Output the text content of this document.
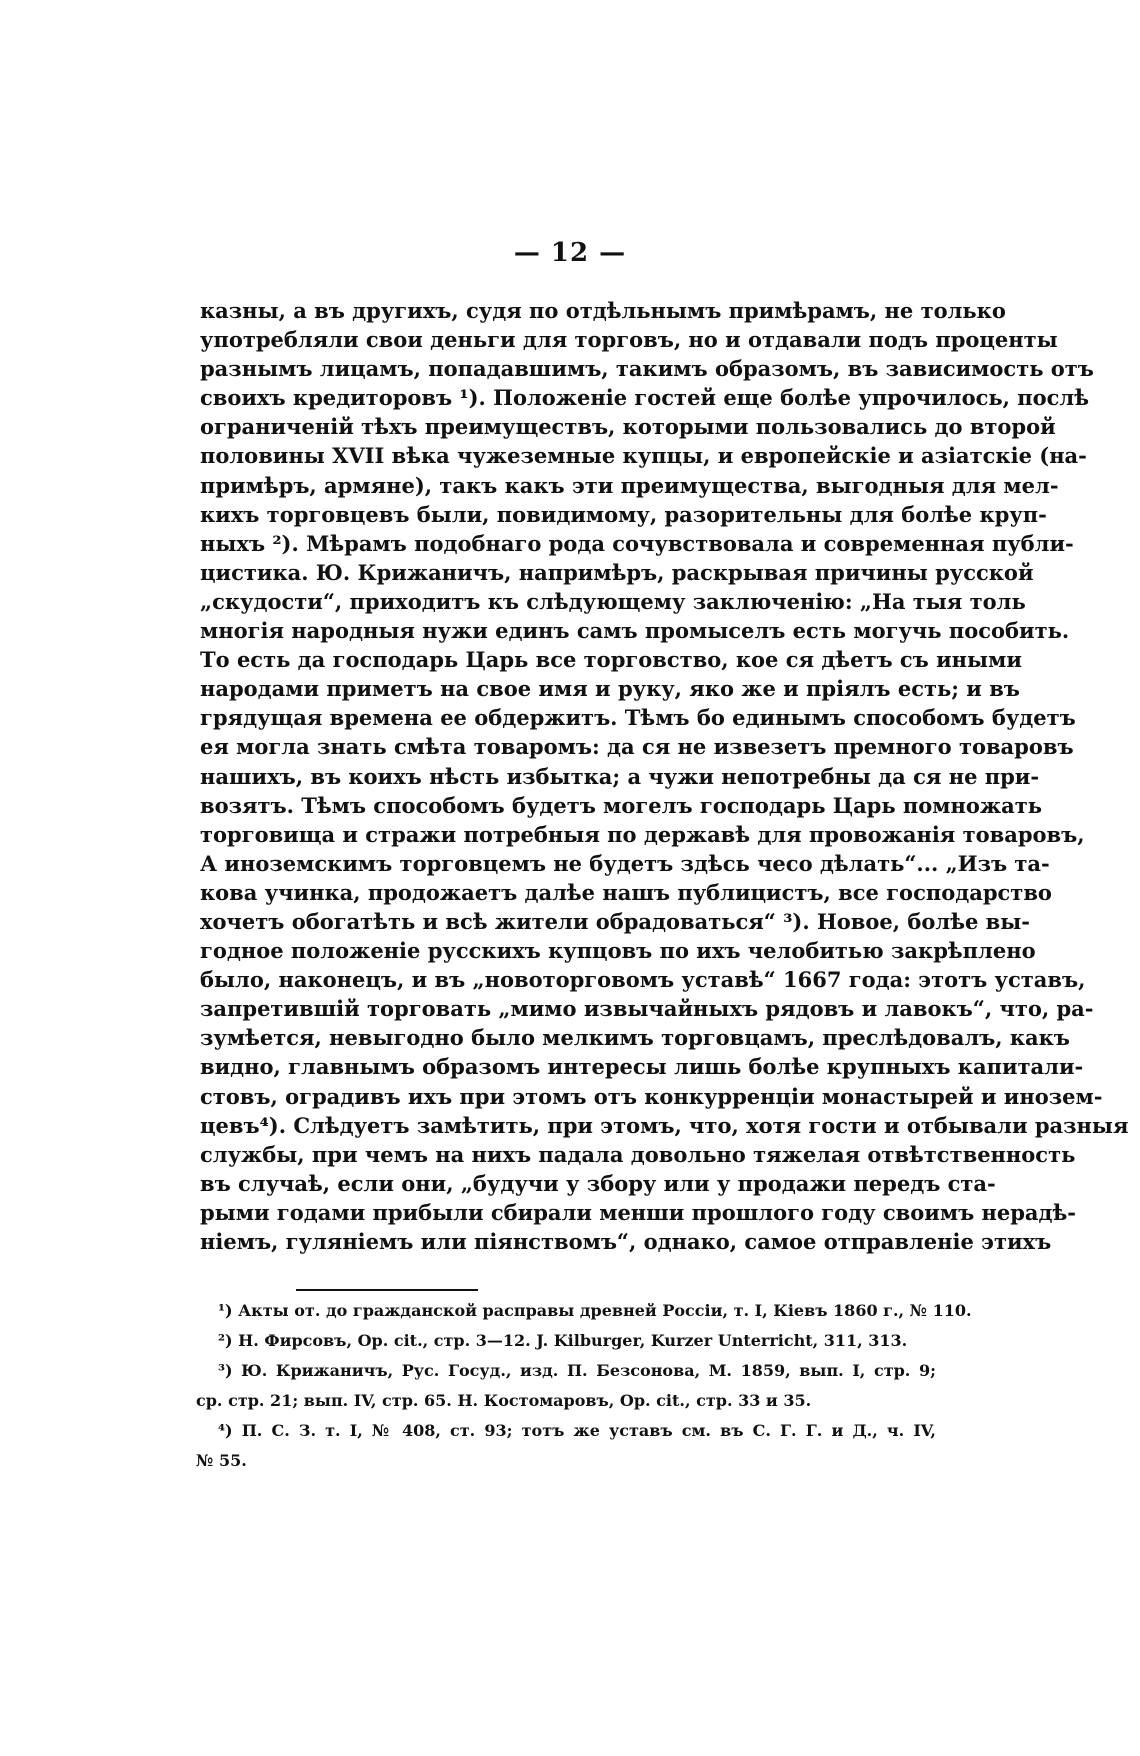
— 12 —
казны, а въ другихъ, судя по отдѣльнымъ примѣрамъ, не только
употребляли свои деньги для торговъ, но и отдавали подъ проценты
разнымъ лицамъ, попадавшимъ, такимъ образомъ, въ зависимость отъ
своихъ кредиторовъ ¹). Положеніе гостей еще болѣе упрочилось, послѣ
ограниченій тѣхъ преимуществъ, которыми пользовались до второй
половины XVII вѣка чужеземные купцы, и европейскіе и азіатскіе (на-
примѣръ, армяне), такъ какъ эти преимущества, выгодныя для мел-
кихъ торговцевъ были, повидимому, разорительны для болѣе круп-
ныхъ ²). Мѣрамъ подобнаго рода сочувствовала и современная публи-
цистика. Ю. Крижаничъ, напримѣръ, раскрывая причины русской
„скудости“, приходитъ къ слѣдующему заключенію: „На тыя толь
многія народныя нужи единъ самъ промыселъ есть могучь пособить.
То есть да господарь Царь все торговство, кое ся дѣетъ съ иными
народами приметъ на свое имя и руку, яко же и прiялъ есть; и въ
грядущая времена ее обдержитъ. Тѣмъ бо единымъ способомъ будетъ
ея могла знать смѣта товаромъ: да ся не извезетъ премного товаровъ
нашихъ, въ коихъ нѣсть избытка; а чужи непотребны да ся не при-
возятъ. Тѣмъ способомъ будетъ могелъ господарь Царь помножать
торговища и стражи потребныя по державѣ для провожанія товаровъ,
А иноземскимъ торговцемъ не будетъ здѣсь чесо дѣлать“... „Изъ та-
кова учинка, продожаетъ далѣе нашъ публицистъ, все господарство
хочетъ обогатѣть и всѣ жители обрадоваться“ ³). Новое, болѣе вы-
годное положеніе русскихъ купцовъ по ихъ челобитью закрѣплено
было, наконецъ, и въ „новоторговомъ уставѣ“ 1667 года: этотъ уставъ,
запретившій торговать „мимо извычайныхъ рядовъ и лавокъ“, что, ра-
зумѣется, невыгодно было мелкимъ торговцамъ, преслѣдовалъ, какъ
видно, главнымъ образомъ интересы лишь болѣе крупныхъ капитали-
стовъ, оградивъ ихъ при этомъ отъ конкурренціи монастырей и инозем-
цевъ⁴). Слѣдуетъ замѣтить, при этомъ, что, хотя гости и отбывали разныя
службы, при чемъ на нихъ падала довольно тяжелая отвѣтственность
въ случаѣ, если они, „будучи у збору или у продажи передъ ста-
рыми годами прибыли сбирали менши прошлого году своимъ нерадѣ-
ніемъ, гуляніемъ или піянствомъ“, однако, самое отправленіе этихъ
¹) Акты от. до гражданской расправы древней Россіи, т. I, Кіевъ 1860 г., № 110.
²) Н. Фирсовъ, Op. cit., стр. 3—12. J. Kilburger, Kurzer Unterricht, 311, 313.
³) Ю. Крижаничъ, Рус. Госуд., изд. П. Безсонова, М. 1859, вып. I, стр. 9;
ср. стр. 21; вып. IV, стр. 65. Н. Костомаровъ, Op. cit., стр. 33 и 35.
⁴) П. С. З. т. I, № 408, ст. 93; тотъ же уставъ см. въ С. Г. Г. и Д., ч. IV,
№ 55.
